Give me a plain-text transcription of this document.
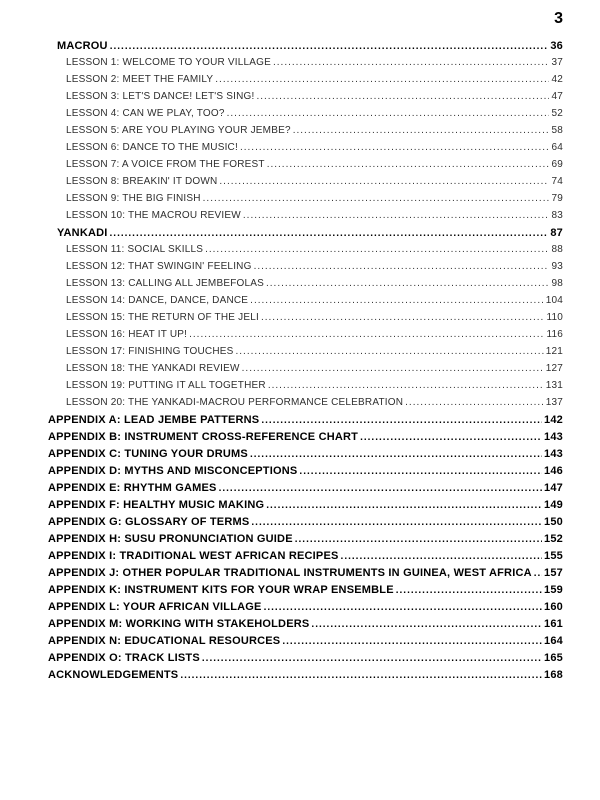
3
MACROU .....	36
LESSON 1: WELCOME TO YOUR VILLAGE .....	37
LESSON 2: MEET THE FAMILY .....	42
LESSON 3: LET'S DANCE! LET'S SING! .....	47
LESSON 4: CAN WE PLAY, TOO? .....	52
LESSON 5: ARE YOU PLAYING YOUR JEMBE? .....	58
LESSON 6: DANCE TO THE MUSIC! .....	64
LESSON 7: A VOICE FROM THE FOREST .....	69
LESSON 8: BREAKIN' IT DOWN .....	74
LESSON 9: THE BIG FINISH .....	79
LESSON 10: THE MACROU REVIEW .....	83
YANKADI .....	87
LESSON 11: SOCIAL SKILLS .....	88
LESSON 12: THAT SWINGIN' FEELING .....	93
LESSON 13: CALLING ALL JEMBEFOLAS .....	98
LESSON 14: DANCE, DANCE, DANCE .....	104
LESSON 15: THE RETURN OF THE JELI .....	110
LESSON 16: HEAT IT UP! .....	116
LESSON 17: FINISHING TOUCHES .....	121
LESSON 18: THE YANKADI REVIEW .....	127
LESSON 19: PUTTING IT ALL TOGETHER .....	131
LESSON 20: THE YANKADI-MACROU PERFORMANCE CELEBRATION .....	137
APPENDIX A: LEAD JEMBE PATTERNS .....	142
APPENDIX B: INSTRUMENT CROSS-REFERENCE CHART .....	143
APPENDIX C: TUNING YOUR DRUMS .....	143
APPENDIX D: MYTHS AND MISCONCEPTIONS .....	146
APPENDIX E: RHYTHM GAMES .....	147
APPENDIX F: HEALTHY MUSIC MAKING .....	149
APPENDIX G: GLOSSARY OF TERMS .....	150
APPENDIX H: SUSU PRONUNCIATION GUIDE .....	152
APPENDIX I: TRADITIONAL WEST AFRICAN RECIPES .....	155
APPENDIX J: OTHER POPULAR TRADITIONAL INSTRUMENTS IN GUINEA, WEST AFRICA ..... 157
APPENDIX K: INSTRUMENT KITS FOR YOUR WRAP ENSEMBLE .....	159
APPENDIX L: YOUR AFRICAN VILLAGE .....	160
APPENDIX M: WORKING WITH STAKEHOLDERS .....	161
APPENDIX N: EDUCATIONAL RESOURCES .....	164
APPENDIX O: TRACK LISTS .....	165
ACKNOWLEDGEMENTS .....	168
